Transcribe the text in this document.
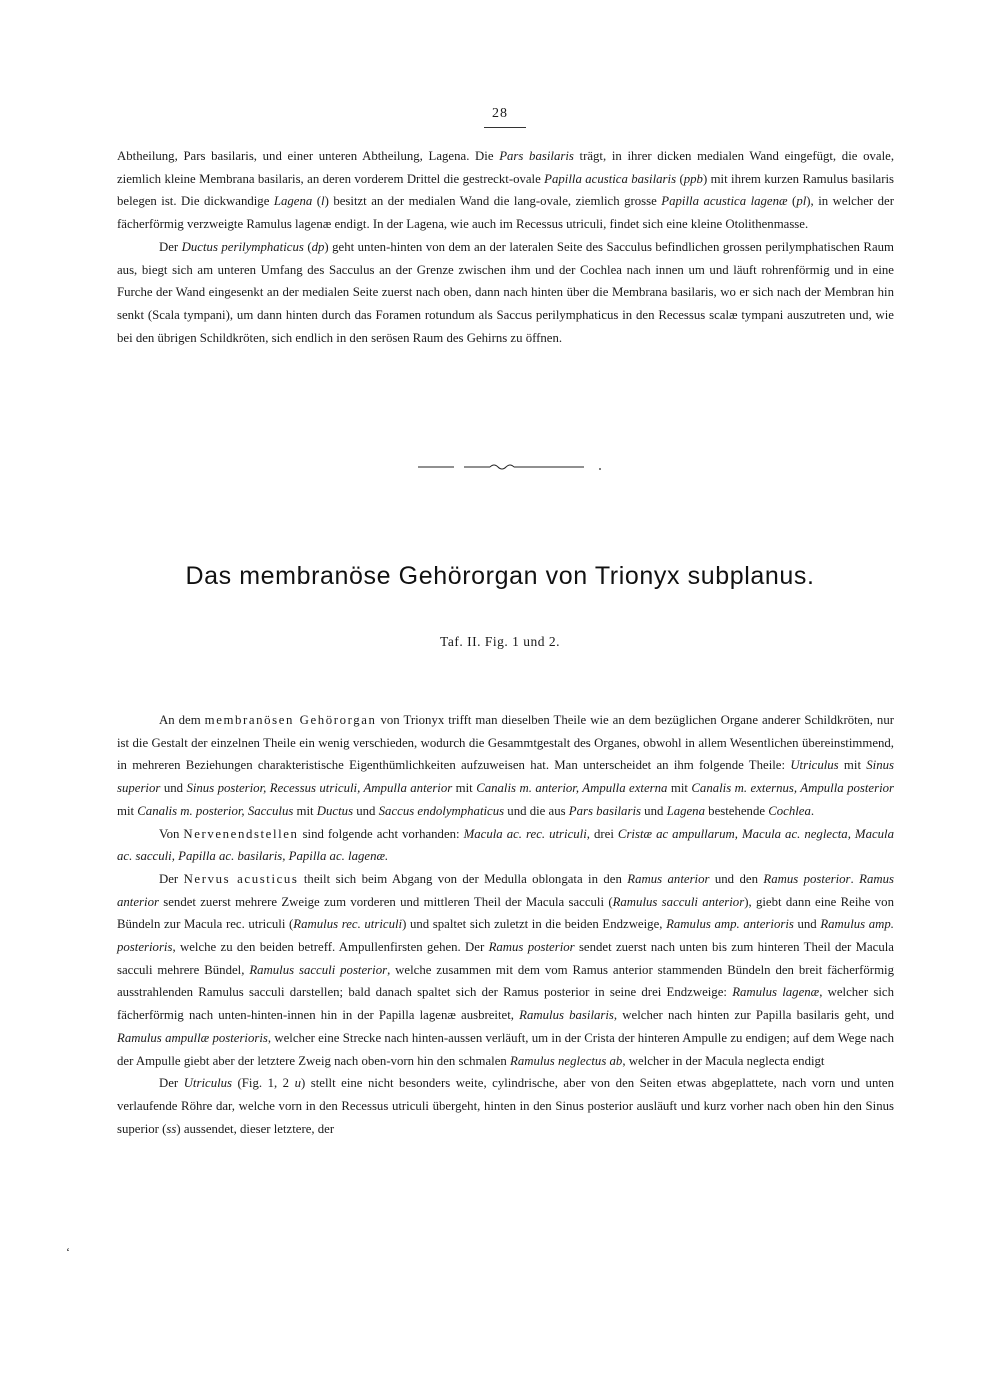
28

Abtheilung, Pars basilaris, und einer unteren Abtheilung, Lagena. Die Pars basilaris trägt, in ihrer dicken medialen Wand eingefügt, die ovale, ziemlich kleine Membrana basilaris, an deren vorderem Drittel die gestreckt-ovale Papilla acustica basilaris (ppb) mit ihrem kurzen Ramulus basilaris belegen ist. Die dickwandige Lagena (l) besitzt an der medialen Wand die lang-ovale, ziemlich grosse Papilla acustica lagenæ (pl), in welcher der fächerförmig verzweigte Ramulus lagenæ endigt. In der Lagena, wie auch im Recessus utriculi, findet sich eine kleine Otolithenmasse.

Der Ductus perilymphaticus (dp) geht unten-hinten von dem an der lateralen Seite des Sacculus befindlichen grossen perilymphatischen Raum aus, biegt sich am unteren Umfang des Sacculus an der Grenze zwischen ihm und der Cochlea nach innen um und läuft rohrenförmig und in eine Furche der Wand eingesenkt an der medialen Seite zuerst nach oben, dann nach hinten über die Membrana basilaris, wo er sich nach der Membran hin senkt (Scala tympani), um dann hinten durch das Foramen rotundum als Saccus perilymphaticus in den Recessus scalæ tympani auszutreten und, wie bei den übrigen Schildkröten, sich endlich in den serösen Raum des Gehirns zu öffnen.

Das membranöse Gehörorgan von Trionyx subplanus.
Taf. II. Fig. 1 und 2.

An dem membranösen Gehörorgan von Trionyx trifft man dieselben Theile wie an dem bezüglichen Organe anderer Schildkröten, nur ist die Gestalt der einzelnen Theile ein wenig verschieden, wodurch die Gesammtgestalt des Organes, obwohl in allem Wesentlichen übereinstimmend, in mehreren Beziehungen charakteristische Eigenthümlichkeiten aufzuweisen hat. Man unterscheidet an ihm folgende Theile: Utriculus mit Sinus superior und Sinus posterior, Recessus utriculi, Ampulla anterior mit Canalis m. anterior, Ampulla externa mit Canalis m. externus, Ampulla posterior mit Canalis m. posterior, Sacculus mit Ductus und Saccus endolymphaticus und die aus Pars basilaris und Lagena bestehende Cochlea.

Von Nervenendstellen sind folgende acht vorhanden: Macula ac. rec. utriculi, drei Cristæ ac ampullarum, Macula ac. neglecta, Macula ac. sacculi, Papilla ac. basilaris, Papilla ac. lagenæ.

Der Nervus acusticus theilt sich beim Abgang von der Medulla oblongata in den Ramus anterior und den Ramus posterior. Ramus anterior sendet zuerst mehrere Zweige zum vorderen und mittleren Theil der Macula sacculi (Ramulus sacculi anterior), giebt dann eine Reihe von Bündeln zur Macula rec. utriculi (Ramulus rec. utriculi) und spaltet sich zuletzt in die beiden Endzweige, Ramulus amp. anterioris und Ramulus amp. posterioris, welche zu den beiden betreff. Ampullenfirsten gehen. Der Ramus posterior sendet zuerst nach unten bis zum hinteren Theil der Macula sacculi mehrere Bündel, Ramulus sacculi posterior, welche zusammen mit dem vom Ramus anterior stammenden Bündeln den breit fächerförmig ausstrahlenden Ramulus sacculi darstellen; bald danach spaltet sich der Ramus posterior in seine drei Endzweige: Ramulus lagenæ, welcher sich fächerförmig nach unten-hinten-innen hin in der Papilla lagenæ ausbreitet, Ramulus basilaris, welcher nach hinten zur Papilla basilaris geht, und Ramulus ampullæ posterioris, welcher eine Strecke nach hinten-aussen verläuft, um in der Crista der hinteren Ampulle zu endigen; auf dem Wege nach der Ampulle giebt aber der letztere Zweig nach oben-vorn hin den schmalen Ramulus neglectus ab, welcher in der Macula neglecta endigt

Der Utriculus (Fig. 1, 2 u) stellt eine nicht besonders weite, cylindrische, aber von den Seiten etwas abgeplattete, nach vorn und unten verlaufende Röhre dar, welche vorn in den Recessus utriculi übergeht, hinten in den Sinus posterior ausläuft und kurz vorher nach oben hin den Sinus superior (ss) aussendet, dieser letztere, der

‘
